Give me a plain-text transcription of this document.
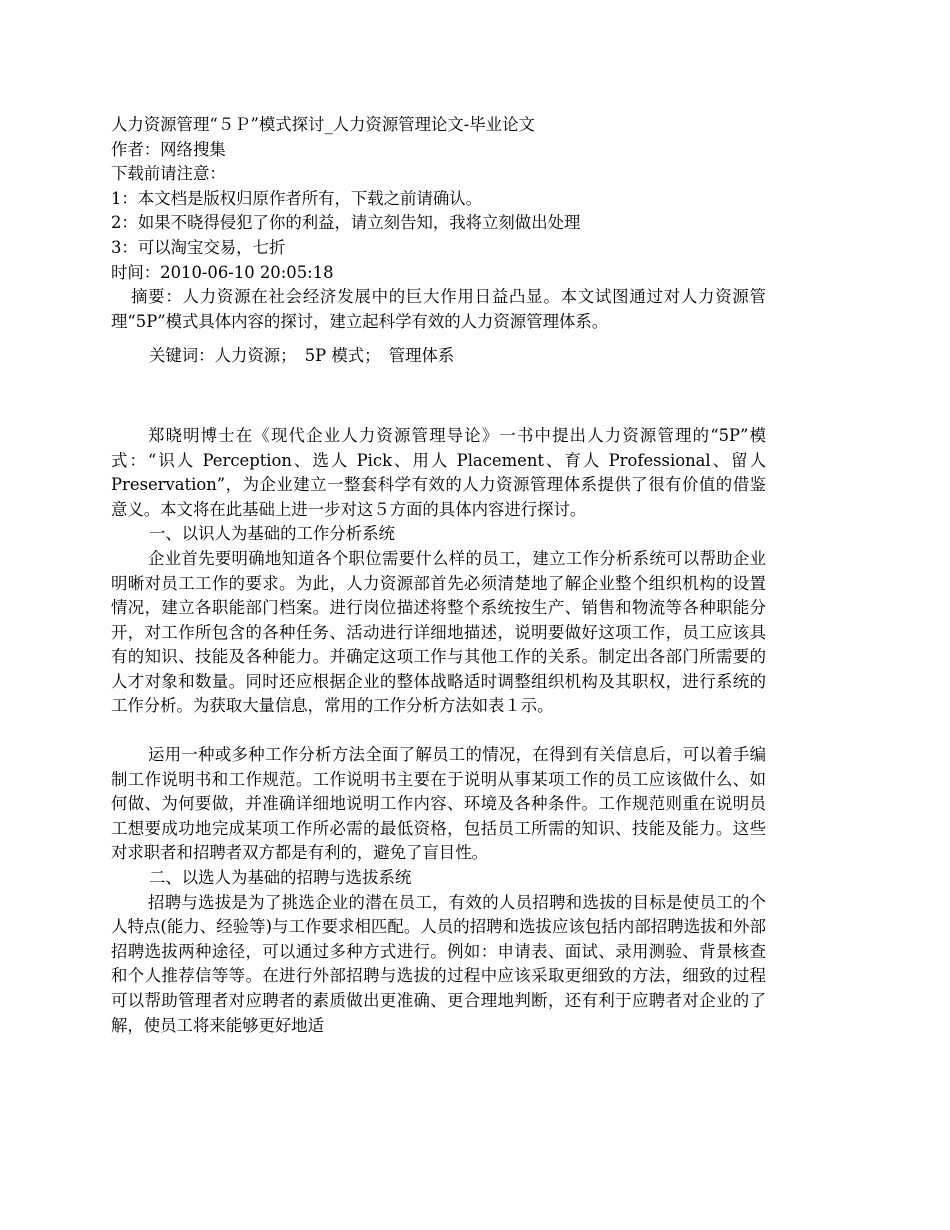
人力资源管理“５Ｐ”模式探讨_人力资源管理论文-毕业论文
作者：网络搜集
下载前请注意：
1：本文档是版权归原作者所有，下载之前请确认。
2：如果不晓得侵犯了你的利益，请立刻告知，我将立刻做出处理
3：可以淘宝交易，七折
时间：2010-06-10 20:05:18

摘要：人力资源在社会经济发展中的巨大作用日益凸显。本文试图通过对人力资源管理“5P”模式具体内容的探讨，建立起科学有效的人力资源管理体系。

关键词：人力资源；　5P 模式；　管理体系

郑晓明博士在《现代企业人力资源管理导论》一书中提出人力资源管理的“5P”模式：“识人 Perception、选人 Pick、用人 Placement、育人 Professional、留人 Preservation”，为企业建立一整套科学有效的人力资源管理体系提供了很有价值的借鉴意义。本文将在此基础上进一步对这５方面的具体内容进行探讨。

一、以识人为基础的工作分析系统

企业首先要明确地知道各个职位需要什么样的员工，建立工作分析系统可以帮助企业明晰对员工工作的要求。为此，人力资源部首先必须清楚地了解企业整个组织机构的设置情况，建立各职能部门档案。进行岗位描述将整个系统按生产、销售和物流等各种职能分开，对工作所包含的各种任务、活动进行详细地描述，说明要做好这项工作，员工应该具有的知识、技能及各种能力。并确定这项工作与其他工作的关系。制定出各部门所需要的人才对象和数量。同时还应根据企业的整体战略适时调整组织机构及其职权，进行系统的工作分析。为获取大量信息，常用的工作分析方法如表１示。

运用一种或多种工作分析方法全面了解员工的情况，在得到有关信息后，可以着手编制工作说明书和工作规范。工作说明书主要在于说明从事某项工作的员工应该做什么、如何做、为何要做，并准确详细地说明工作内容、环境及各种条件。工作规范则重在说明员工想要成功地完成某项工作所必需的最低资格，包括员工所需的知识、技能及能力。这些对求职者和招聘者双方都是有利的，避免了盲目性。

二、以选人为基础的招聘与选拔系统

招聘与选拔是为了挑选企业的潜在员工，有效的人员招聘和选拔的目标是使员工的个人特点(能力、经验等)与工作要求相匹配。人员的招聘和选拔应该包括内部招聘选拔和外部招聘选拔两种途径，可以通过多种方式进行。例如：申请表、面试、录用测验、背景核查和个人推荐信等等。在进行外部招聘与选拔的过程中应该采取更细致的方法，细致的过程可以帮助管理者对应聘者的素质做出更准确、更合理地判断，还有利于应聘者对企业的了解，使员工将来能够更好地适
